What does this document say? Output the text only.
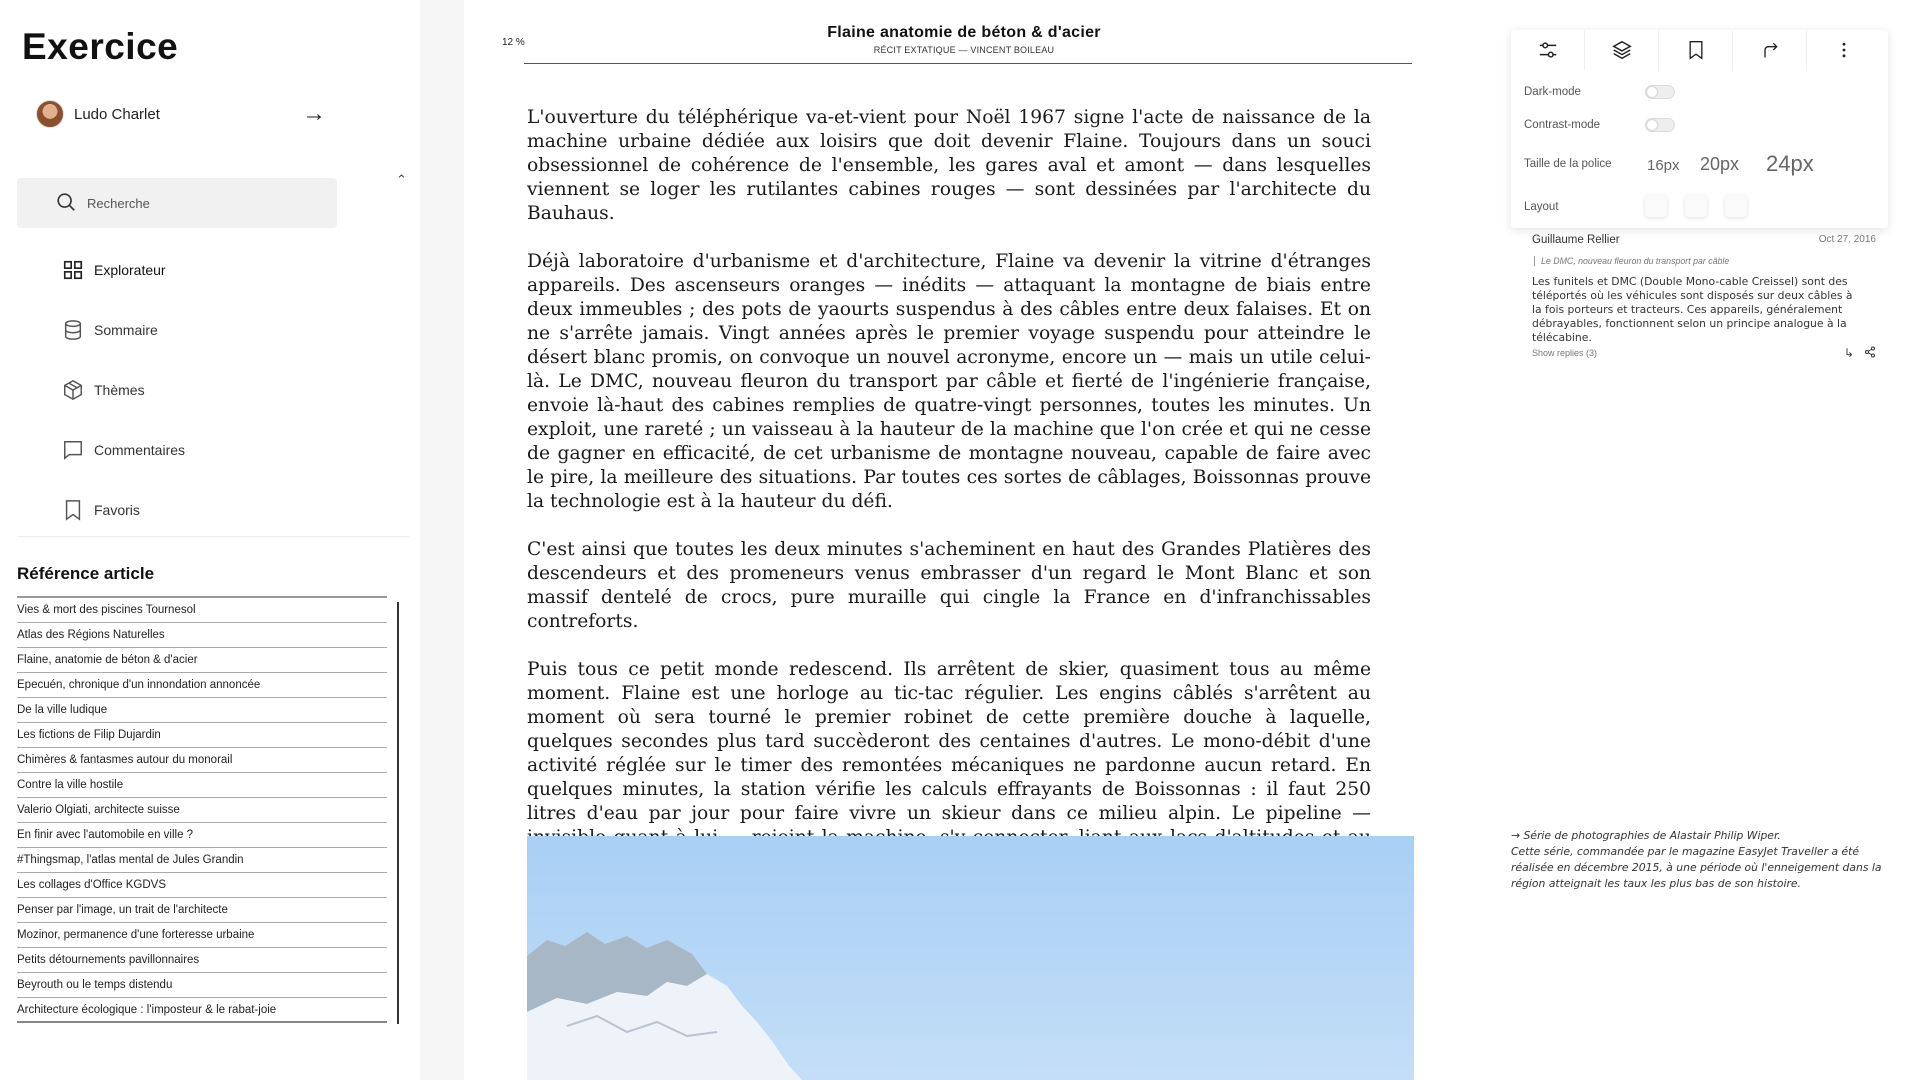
Exercice
Ludo Charlet	→
⌃
Recherche
Explorateur
Sommaire
Thèmes
Commentaires
Favoris
Référence article
Vies & mort des piscines Tournesol
Atlas des Régions Naturelles
Flaine, anatomie de béton & d'acier
Epecuén, chronique d'un innondation annoncée
De la ville ludique
Les fictions de Filip Dujardin
Chimères & fantasmes autour du monorail
Contre la ville hostile
Valerio Olgiati, architecte suisse
En finir avec l'automobile en ville ?
#Thingsmap, l'atlas mental de Jules Grandin
Les collages d'Office KGDVS
Penser par l'image, un trait de l'architecte
Mozinor, permanence d'une forteresse urbaine
Petits détournements pavillonnaires
Beyrouth ou le temps distendu
Architecture écologique : l'imposteur & le rabat-joie
12 %
Flaine anatomie de béton & d'acier
RÉCIT EXTATIQUE — VINCENT BOILEAU

L'ouverture du téléphérique va-et-vient pour Noël 1967 signe l'acte de naissance de la machine urbaine dédiée aux loisirs que doit devenir Flaine. Toujours dans un souci obsessionnel de cohérence de l'ensemble, les gares aval et amont — dans lesquelles viennent se loger les rutilantes cabines rouges — sont dessinées par l'architecte du Bauhaus.

Déjà laboratoire d'urbanisme et d'architecture, Flaine va devenir la vitrine d'étranges appareils. Des ascenseurs oranges — inédits — attaquant la montagne de biais entre deux immeubles ; des pots de yaourts suspendus à des câbles entre deux falaises. Et on ne s'arrête jamais. Vingt années après le premier voyage suspendu pour atteindre le désert blanc promis, on convoque un nouvel acronyme, encore un — mais un utile celui-là. Le DMC, nouveau fleuron du transport par câble et fierté de l'ingénierie française, envoie là-haut des cabines remplies de quatre-vingt personnes, toutes les minutes. Un exploit, une rareté ; un vaisseau à la hauteur de la machine que l'on crée et qui ne cesse de gagner en efficacité, de cet urbanisme de montagne nouveau, capable de faire avec le pire, la meilleure des situations. Par toutes ces sortes de câblages, Boissonnas prouve la technologie est à la hauteur du défi.

C'est ainsi que toutes les deux minutes s'acheminent en haut des Grandes Platières des descendeurs et des promeneurs venus embrasser d'un regard le Mont Blanc et son massif dentelé de crocs, pure muraille qui cingle la France en d'infranchissables contreforts.

Puis tous ce petit monde redescend. Ils arrêtent de skier, quasiment tous au même moment. Flaine est une horloge au tic-tac régulier. Les engins câblés s'arrêtent au moment où sera tourné le premier robinet de cette première douche à laquelle, quelques secondes plus tard succèderont des centaines d'autres. Le mono-débit d'une activité réglée sur le timer des remontées mécaniques ne pardonne aucun retard. En quelques minutes, la station vérifie les calculs effrayants de Boissonnas : il faut 250 litres d'eau par jour pour faire vivre un skieur dans ce milieu alpin. Le pipeline —

Dark-mode
Contrast-mode
Taille de la police 16px 20px 24px
Layout
Guillaume Rellier	Oct 27, 2016
Le DMC, nouveau fleuron du transport par câble
Les funitels et DMC (Double Mono-cable Creissel) sont des téléportés où les véhicules sont disposés sur deux câbles à la fois porteurs et tracteurs. Ces appareils, généralement débrayables, fonctionnent selon un principe analogue à la télécabine.
Show replies (3)	↳
→ Série de photographies de Alastair Philip Wiper.
Cette série, commandée par le magazine EasyJet Traveller a été réalisée en décembre 2015, à une période où l'enneigement dans la région atteignait les taux les plus bas de son histoire.
